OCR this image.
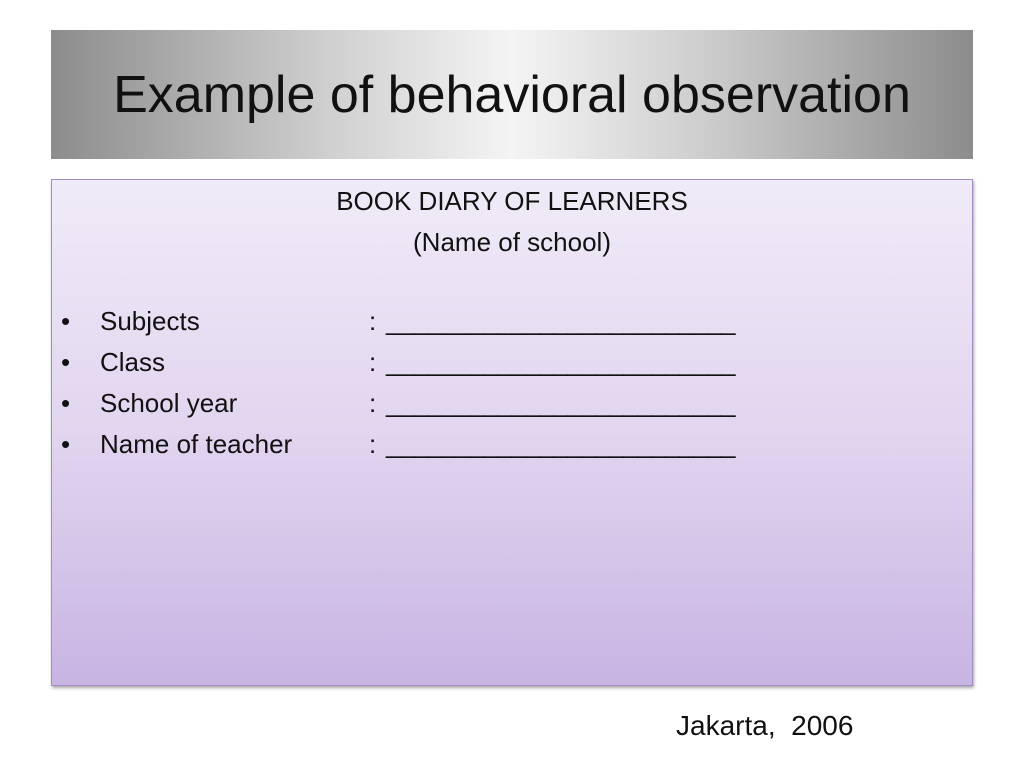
Example of behavioral observation
BOOK DIARY OF LEARNERS
(Name of school)
• Subjects	: _________________________
• Class	: _________________________
• School year	: _________________________
• Name of teacher	: _________________________
Jakarta,  2006
